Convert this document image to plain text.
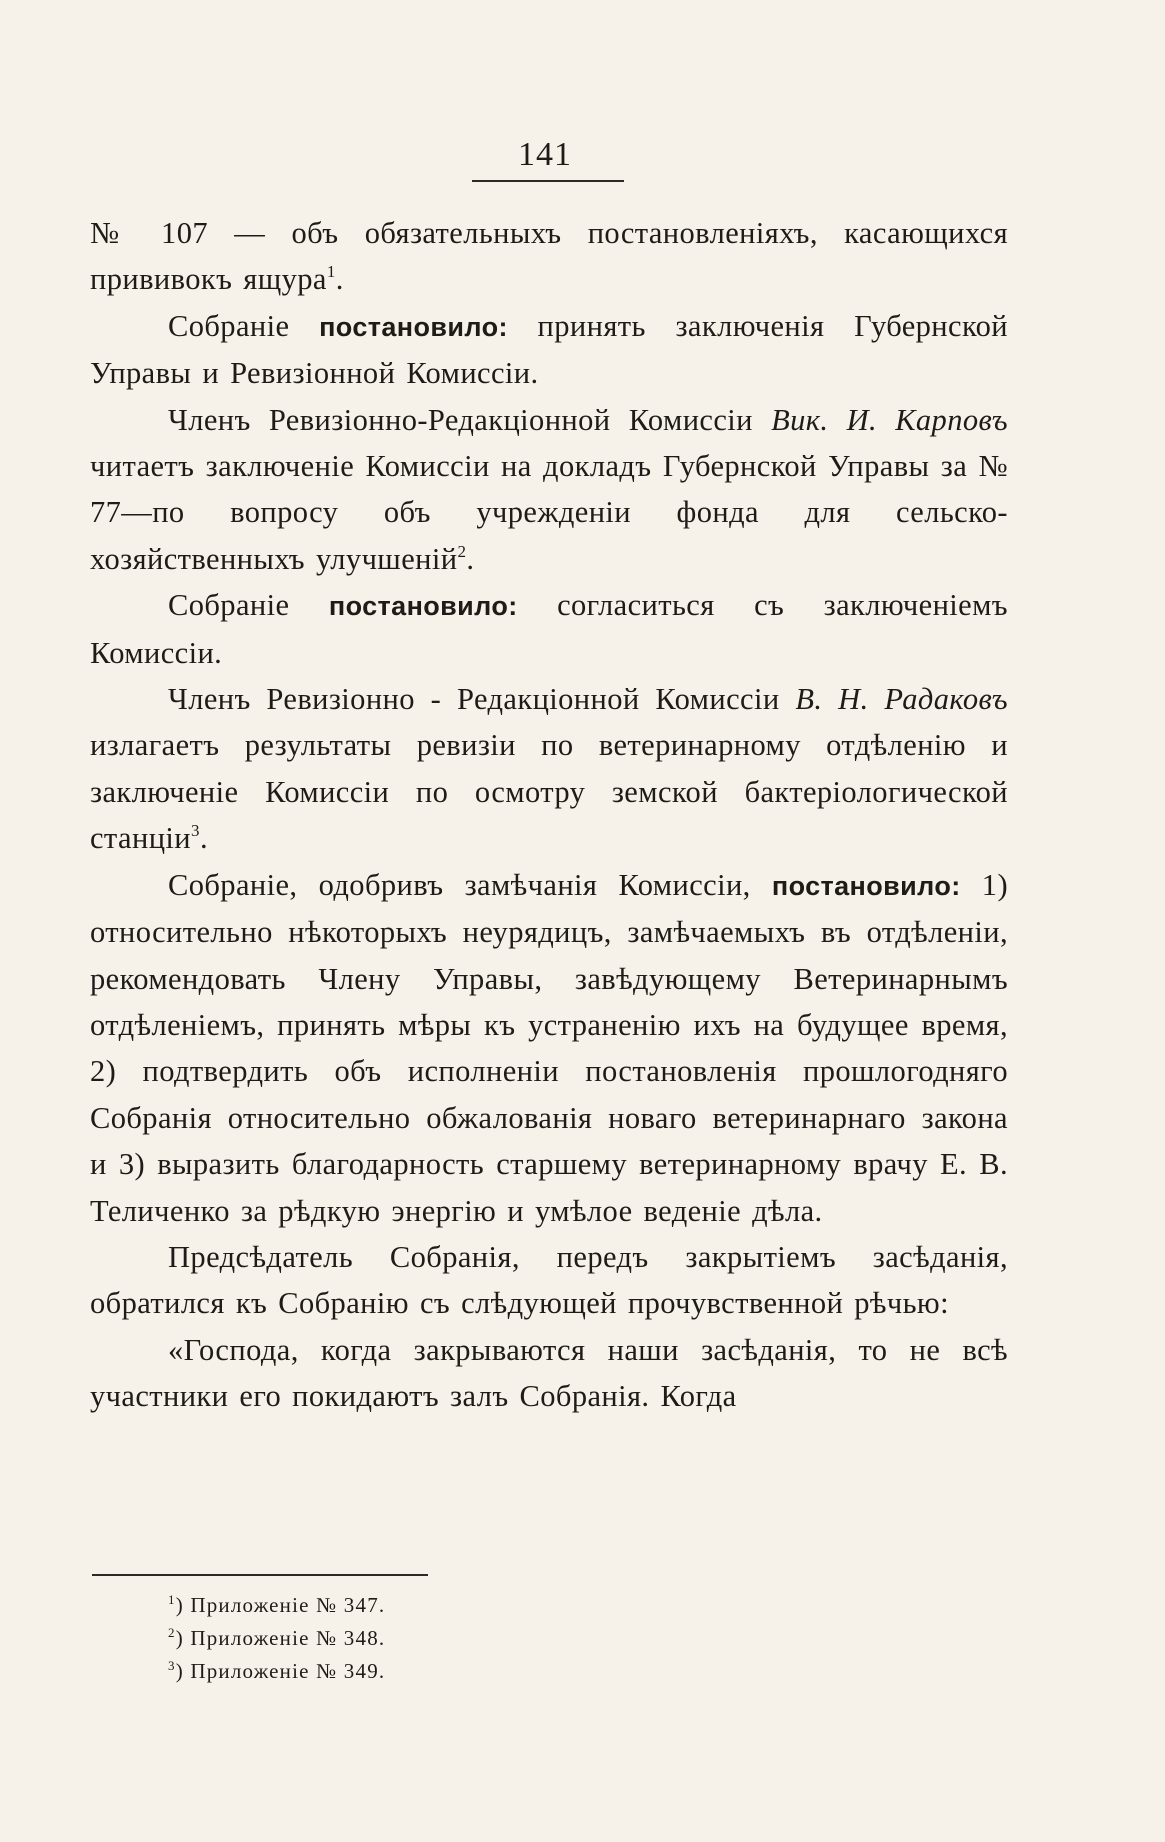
141

№ 107 — объ обязательныхъ постановленіяхъ, касающихся прививокъ ящура$^1$.

Собраніе постановило: принять заключенія Губернской Управы и Ревизіонной Комиссіи.

Членъ Ревизіонно-Редакціонной Комиссіи Вик. И. Карповъ читаетъ заключеніе Комиссіи на докладъ Губернской Управы за № 77—по вопросу объ учрежденіи фонда для сельско-хозяйственныхъ улучшеній$^2$.

Собраніе постановило: согласиться съ заключеніемъ Комиссіи.

Членъ Ревизіонно - Редакціонной Комиссіи В. Н. Радаковъ излагаетъ результаты ревизіи по ветеринарному отдѣленію и заключеніе Комиссіи по осмотру земской бактеріологической станціи$^3$.

Собраніе, одобривъ замѣчанія Комиссіи, постановило: 1) относительно нѣкоторыхъ неурядицъ, замѣчаемыхъ въ отдѣленіи, рекомендовать Члену Управы, завѣдующему Ветеринарнымъ отдѣленіемъ, принять мѣры къ устраненію ихъ на будущее время, 2) подтвердить объ исполненіи постановленія прошлогодняго Собранія относительно обжалованія новаго ветеринарнаго закона и 3) выразить благодарность старшему ветеринарному врачу Е. В. Теличенко за рѣдкую энергію и умѣлое веденіе дѣла.

Предсѣдатель Собранія, передъ закрытіемъ засѣданія, обратился къ Собранію съ слѣдующей прочувственной рѣчью:

«Господа, когда закрываются наши засѣданія, то не всѣ участники его покидаютъ залъ Собранія. Когда

$^1$) Приложеніе № 347.
$^2$) Приложеніе № 348.
$^3$) Приложеніе № 349.
